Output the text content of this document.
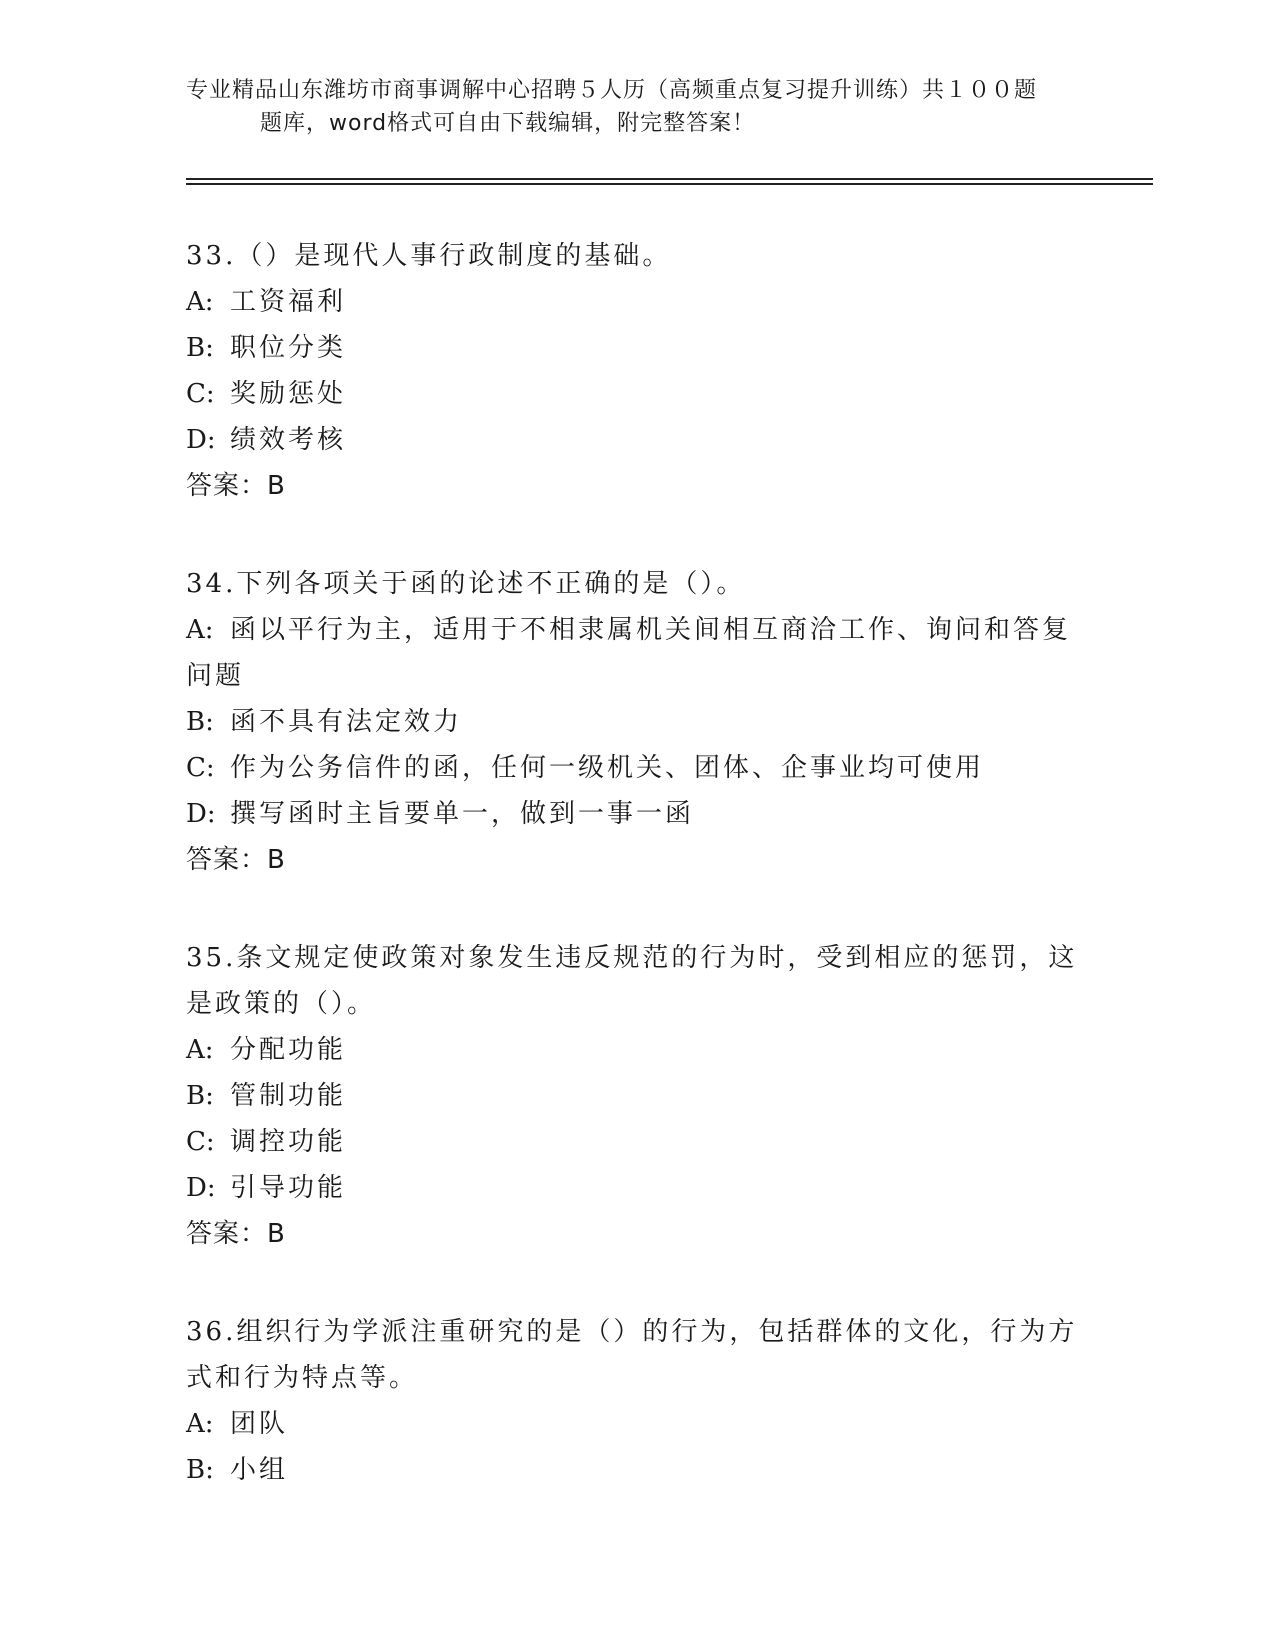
专业精品山东潍坊市商事调解中心招聘５人历（高频重点复习提升训练）共１００题
题库，word格式可自由下载编辑，附完整答案！
33.（）是现代人事行政制度的基础。
A: 工资福利
B: 职位分类
C: 奖励惩处
D: 绩效考核
答案：B
34.下列各项关于函的论述不正确的是（）。
A: 函以平行为主，适用于不相隶属机关间相互商洽工作、询问和答复
问题
B: 函不具有法定效力
C: 作为公务信件的函，任何一级机关、团体、企事业均可使用
D: 撰写函时主旨要单一，做到一事一函
答案：B
35.条文规定使政策对象发生违反规范的行为时，受到相应的惩罚，这
是政策的（）。
A: 分配功能
B: 管制功能
C: 调控功能
D: 引导功能
答案：B
36.组织行为学派注重研究的是（）的行为，包括群体的文化，行为方
式和行为特点等。
A: 团队
B: 小组
